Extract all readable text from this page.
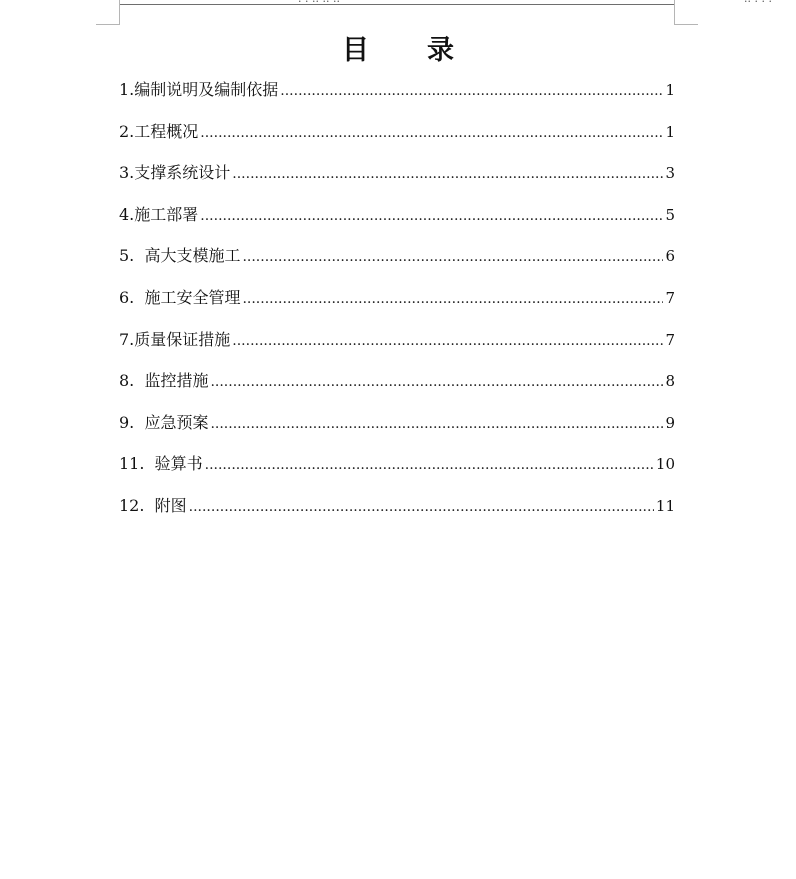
目 录
1.编制说明及编制依据 .....	1
2.工程概况 .....	1
3.支撑系统设计 .....	3
4.施工部署 .....	5
5.  高大支模施工 .....	6
6.  施工安全管理 .....	7
7.质量保证措施 .....	7
8.  监控措施 .....	8
9.  应急预案 .....	9
11.  验算书 .....	10
12.  附图 .....	11
